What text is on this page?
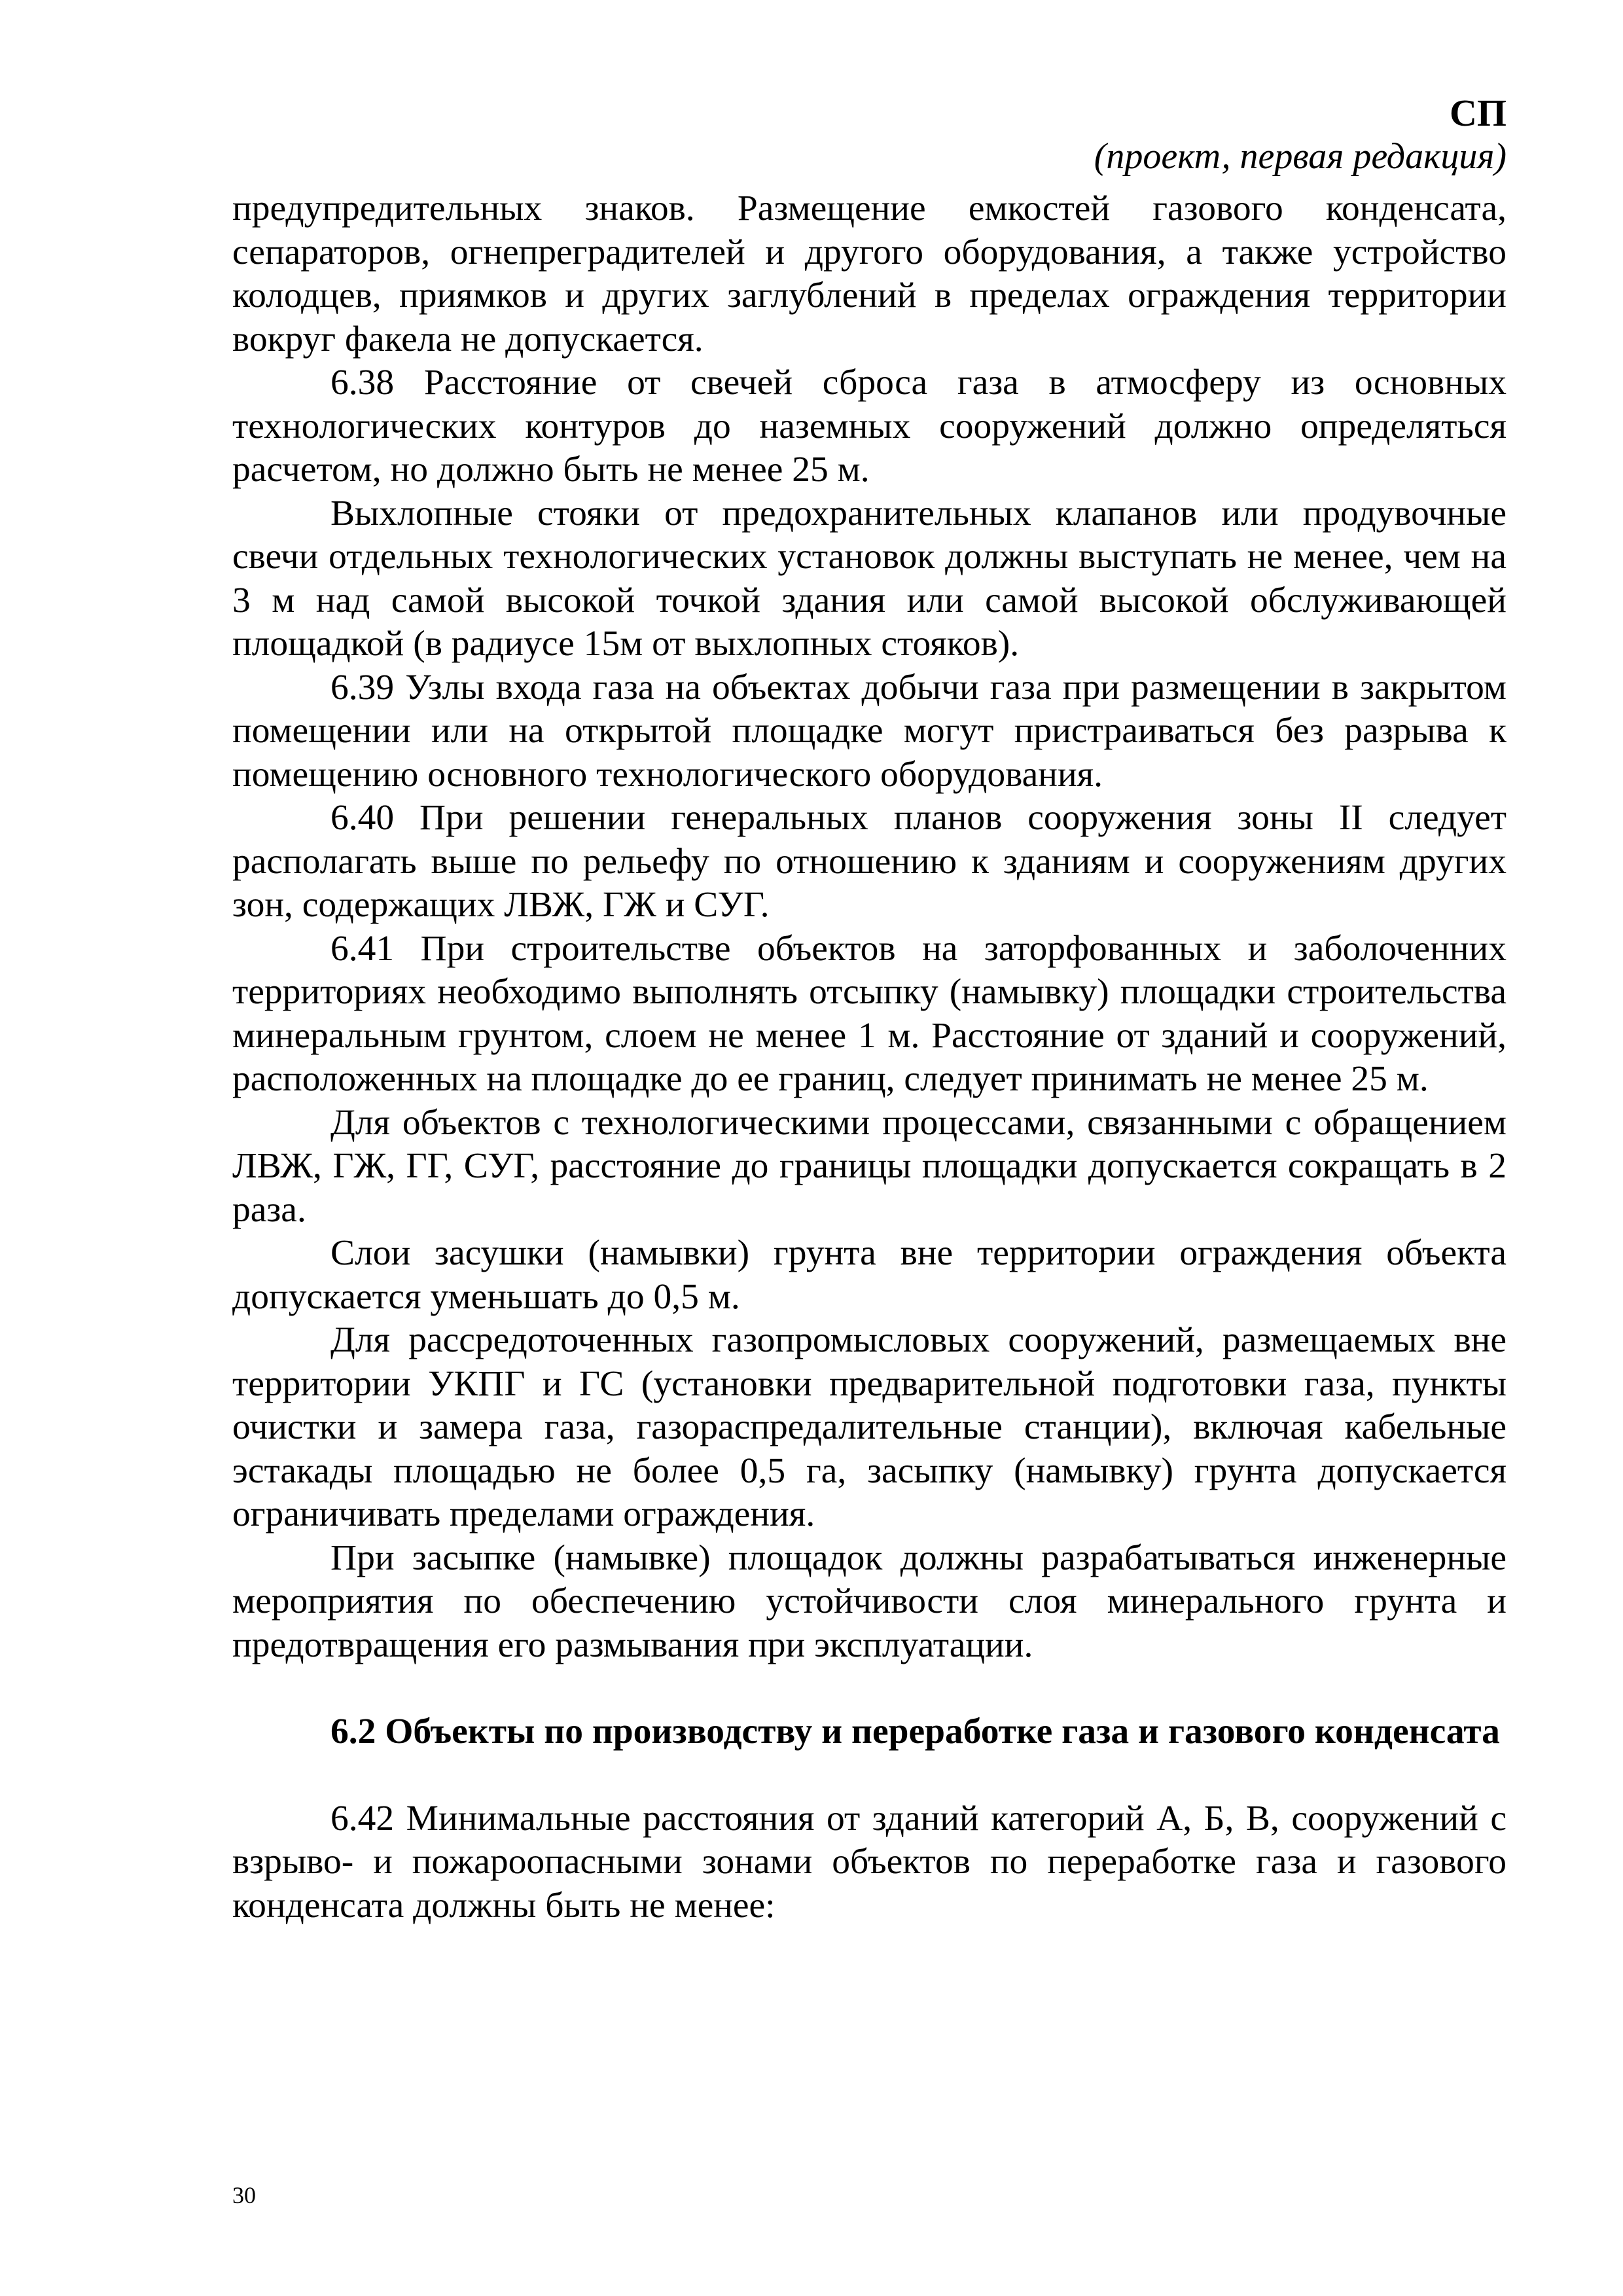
СП
(проект, первая редакция)

предупредительных знаков. Размещение емкостей газового конденсата, сепараторов, огнепреградителей и другого оборудования, а также устройство колодцев, приямков и других заглублений в пределах ограждения территории вокруг факела не допускается.

6.38 Расстояние от свечей сброса газа в атмосферу из основных технологических контуров до наземных сооружений должно определяться расчетом, но должно быть не менее 25 м.

Выхлопные стояки от предохранительных клапанов или продувочные свечи отдельных технологических установок должны выступать не менее, чем на 3 м над самой высокой точкой здания или самой высокой обслуживающей площадкой (в радиусе 15м от выхлопных стояков).

6.39 Узлы входа газа на объектах добычи газа при размещении в закрытом помещении или на открытой площадке могут пристраиваться без разрыва к помещению основного технологического оборудования.

6.40 При решении генеральных планов сооружения зоны II следует располагать выше по рельефу по отношению к зданиям и сооружениям других зон, содержащих ЛВЖ, ГЖ и СУГ.

6.41 При строительстве объектов на заторфованных и заболоченних территориях необходимо выполнять отсыпку (намывку) площадки строительства минеральным грунтом, слоем не менее 1 м. Расстояние от зданий и сооружений, расположенных на площадке до ее границ, следует принимать не менее 25 м.

Для объектов с технологическими процессами, связанными с обращением ЛВЖ, ГЖ, ГГ, СУГ, расстояние до границы площадки допускается сокращать в 2 раза.

Слои засушки (намывки) грунта вне территории ограждения объекта допускается уменьшать до 0,5 м.

Для рассредоточенных газопромысловых сооружений, размещаемых вне территории УКПГ и ГС (установки предварительной подготовки газа, пункты очистки и замера газа, газораспредалительные станции), включая кабельные эстакады площадью не более 0,5 га, засыпку (намывку) грунта допускается ограничивать пределами ограждения.

При засыпке (намывке) площадок должны разрабатываться инженерные мероприятия по обеспечению устойчивости слоя минерального грунта и предотвращения его размывания при эксплуатации.

6.2 Объекты по производству и переработке газа и газового конденсата

6.42 Минимальные расстояния от зданий категорий А, Б, В, сооружений с взрыво- и пожароопасными зонами объектов по переработке газа и газового конденсата должны быть не менее:

30
